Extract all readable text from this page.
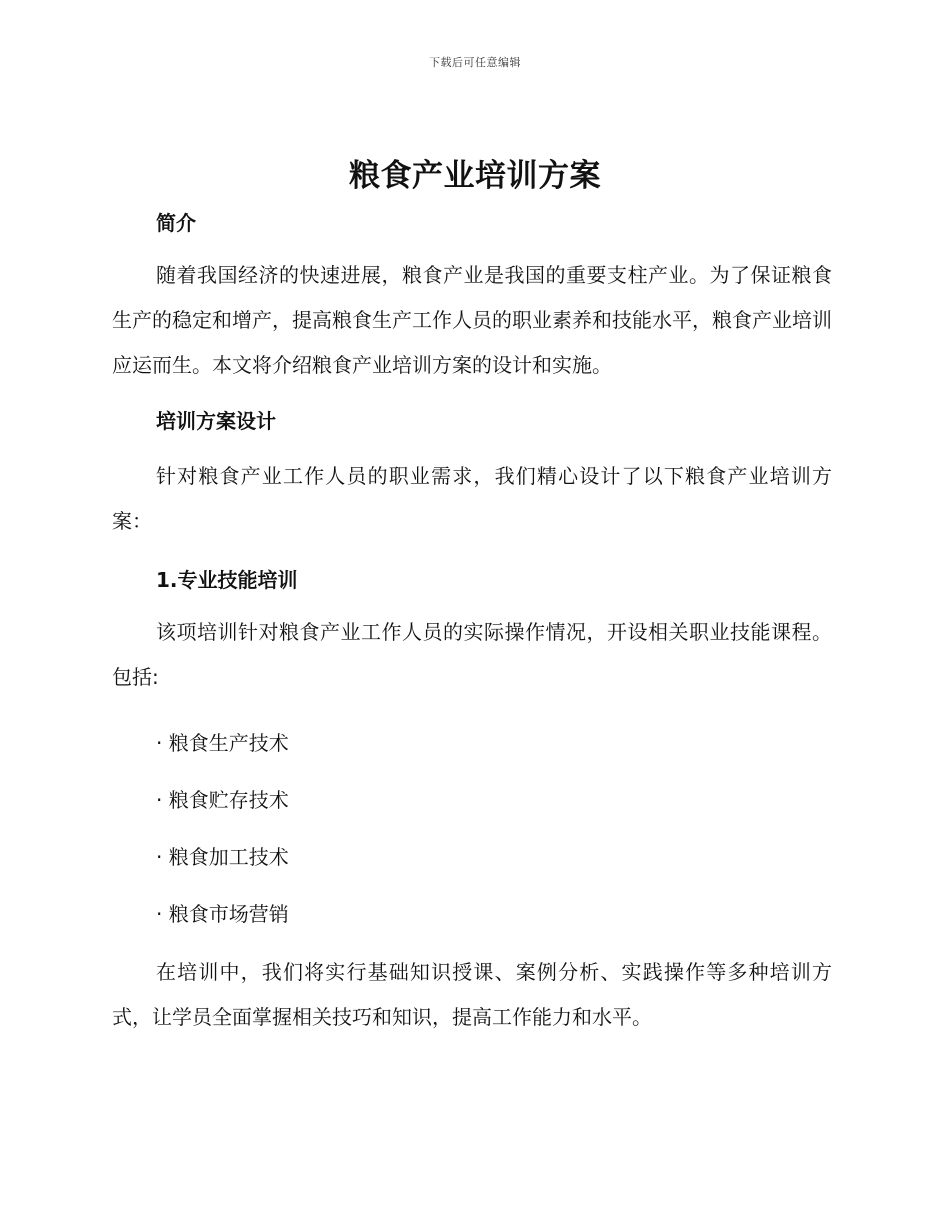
下载后可任意编辑
粮食产业培训方案
简介

随着我国经济的快速进展，粮食产业是我国的重要支柱产业。为了保证粮食生产的稳定和增产，提高粮食生产工作人员的职业素养和技能水平，粮食产业培训应运而生。本文将介绍粮食产业培训方案的设计和实施。

培训方案设计

针对粮食产业工作人员的职业需求，我们精心设计了以下粮食产业培训方案：

1.专业技能培训

该项培训针对粮食产业工作人员的实际操作情况，开设相关职业技能课程。包括:

· 粮食生产技术

· 粮食贮存技术

· 粮食加工技术

· 粮食市场营销

在培训中，我们将实行基础知识授课、案例分析、实践操作等多种培训方式，让学员全面掌握相关技巧和知识，提高工作能力和水平。
